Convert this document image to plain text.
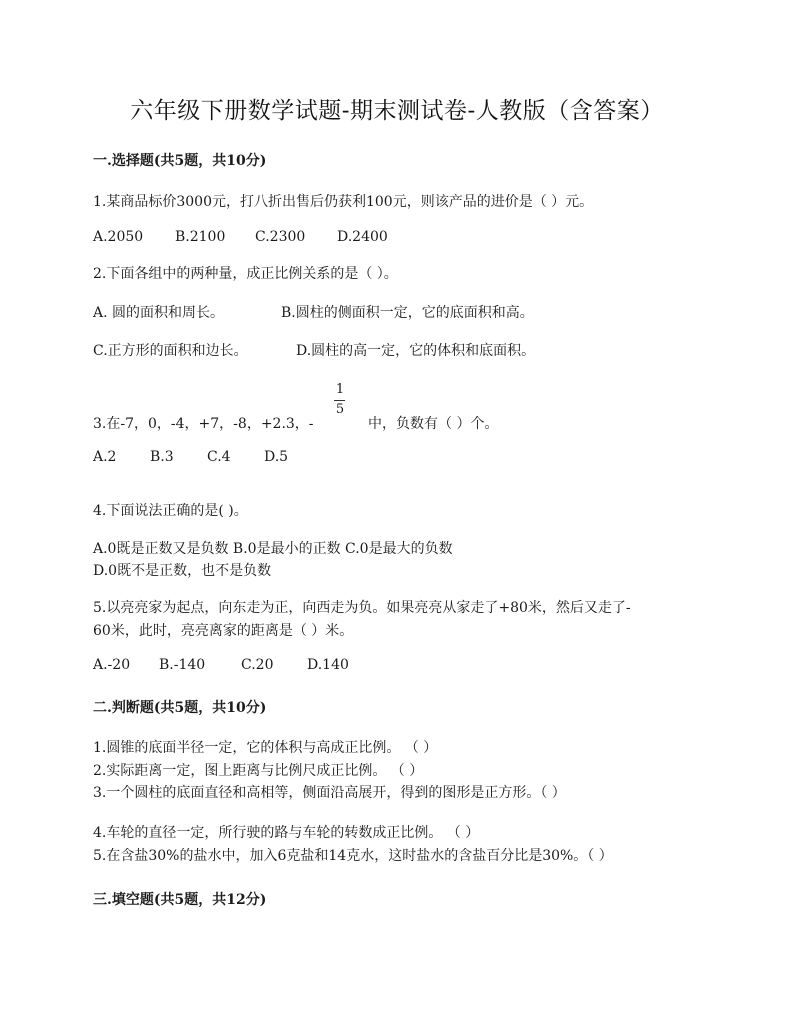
六年级下册数学试题-期末测试卷-人教版（含答案）
一.选择题(共5题，共10分)
1.某商品标价3000元，打八折出售后仍获利100元，则该产品的进价是（ ）元。
A.2050 B.2100 C.2300 D.2400
2.下面各组中的两种量，成正比例关系的是（ ）。
A. 圆的面积和周长。	B.圆柱的侧面积一定，它的底面积和高。
C.正方形的面积和边长。	D.圆柱的高一定，它的体积和底面积。
3.在-7，0，-4，+7，-8，+2.3，-
1
5
中，负数有（ ）个。
A.2 B.3 C.4 D.5
4.下面说法正确的是( )。
A.0既是正数又是负数 B.0是最小的正数 C.0是最大的负数
D.0既不是正数，也不是负数
5.以亮亮家为起点，向东走为正，向西走为负。如果亮亮从家走了+80米，然后又走了-
60米，此时，亮亮离家的距离是（ ）米。
A.-20 B.-140	C.20 D.140
二.判断题(共5题，共10分)
1.圆锥的底面半径一定，它的体积与高成正比例。 （ ）
2.实际距离一定，图上距离与比例尺成正比例。 （ ）
3.一个圆柱的底面直径和高相等，侧面沿高展开，得到的图形是正方形。（ ）
4.车轮的直径一定，所行驶的路与车轮的转数成正比例。 （ ）
5.在含盐30%的盐水中，加入6克盐和14克水，这时盐水的含盐百分比是30%。（ ）
三.填空题(共5题，共12分)
